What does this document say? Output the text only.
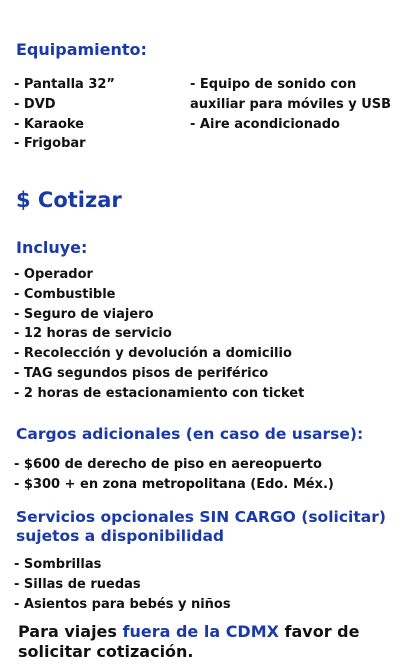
Equipamiento:
- Pantalla 32”
- DVD
- Karaoke
- Frigobar
- Equipo de sonido con
auxiliar para móviles y USB
- Aire acondicionado
$ Cotizar
Incluye:
- Operador
- Combustible
- Seguro de viajero
- 12 horas de servicio
- Recolección y devolución a domicilio
- TAG segundos pisos de periférico
- 2 horas de estacionamiento con ticket
Cargos adicionales (en caso de usarse):
- $600 de derecho de piso en aereopuerto
- $300 + en zona metropolitana (Edo. Méx.)
Servicios opcionales SIN CARGO (solicitar)
sujetos a disponibilidad
- Sombrillas
- Sillas de ruedas
- Asientos para bebés y niños

Para viajes fuera de la CDMX favor de solicitar cotización.
